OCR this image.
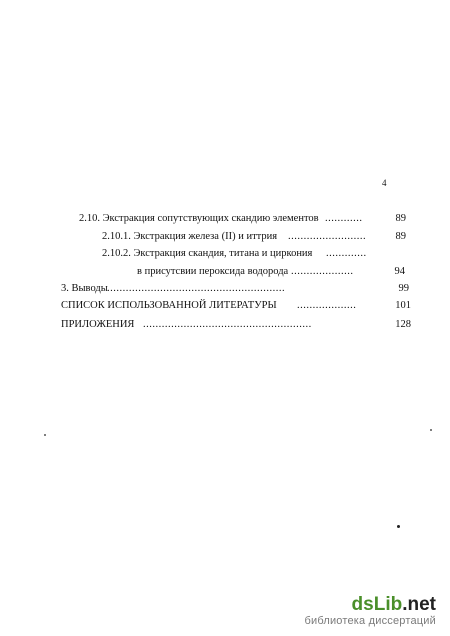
4
2.10. Экстракция сопутствующих скандию элементов ............	89
2.10.1. Экстракция железа (II) и иттрия .........................	89
2.10.2. Экстракция скандия, титана и циркония .............
в присутсвии пероксида водорода ....................	94
3. Выводы .........................................................	99
СПИСОК ИСПОЛЬЗОВАННОЙ ЛИТЕРАТУРЫ ...................	101
ПРИЛОЖЕНИЯ ......................................................	128
dsLib.net
библиотека диссертаций
